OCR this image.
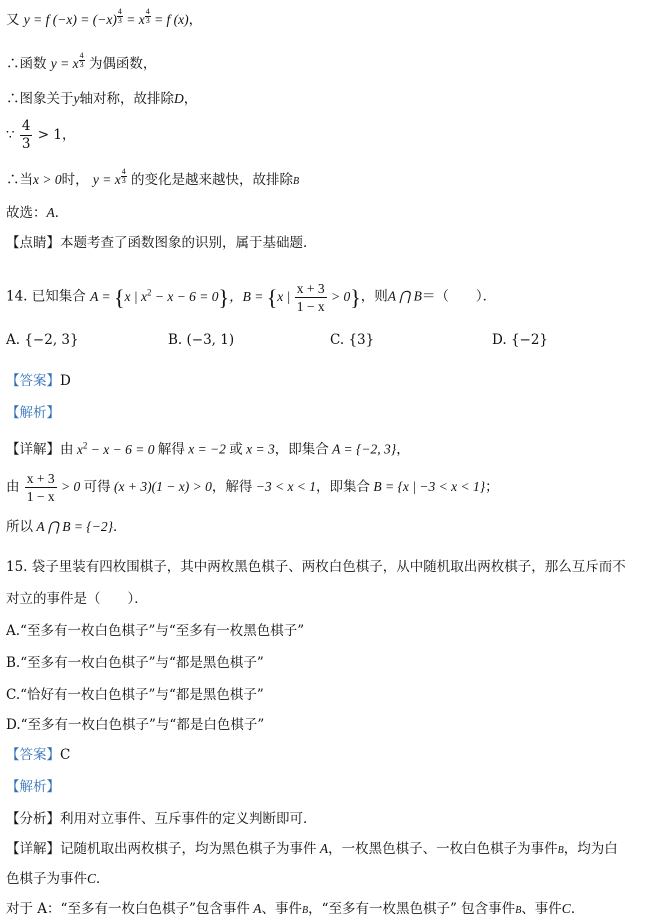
又 y = f $(-x) = (-x) \frac{4}{3} = x \frac{4}{3} = f$ (x)，
∴函数 y = x $\frac{4}{3}$ 为偶函数，
∴图象关于y轴对称，故排除D，
∵ $\frac{4}{3} > 1$，
∴当x > 0时， y = x $\frac{4}{3}$ 的变化是越来越快，故排除B
故选：A．
【点睛】本题考查了函数图象的识别，属于基础题．
14. 已知集合 A = {x | $x^2 - x - 6 = 0$}，B = {x | $\frac{x + 3}{1 - x} > 0$}，则A ⋂ B＝（　　）．
A. {−2, 3}	B. (−3, 1)	C. {3}	D. {−2}
【答案】D
【解析】
【详解】由 $x^2 - x - 6 = 0$ 解得 x = −2 或 x = 3，即集合 A = {−2, 3}，
由 $\frac{x + 3}{1 - x} > 0$ 可得 (x + 3)(1 − x) > 0，解得 −3 < x < 1，即集合 B = {x | −3 < x < 1}；
所以 A ⋂ B = {−2}．
15. 袋子里装有四枚围棋子，其中两枚黑色棋子、两枚白色棋子，从中随机取出两枚棋子，那么互斥而不
对立的事件是（　　）．
A.“至多有一枚白色棋子”与“至多有一枚黑色棋子”
B.“至多有一枚白色棋子”与“都是黑色棋子”
C.“恰好有一枚白色棋子”与“都是黑色棋子”
D.“至多有一枚白色棋子”与“都是白色棋子”
【答案】C
【解析】
【分析】利用对立事件、互斥事件的定义判断即可．
【详解】记随机取出两枚棋子，均为黑色棋子为事件 A，一枚黑色棋子、一枚白色棋子为事件B，均为白
色棋子为事件C．
对于 A：“至多有一枚白色棋子”包含事件 A、事件B，“至多有一枚黑色棋子” 包含事件B、事件C．
